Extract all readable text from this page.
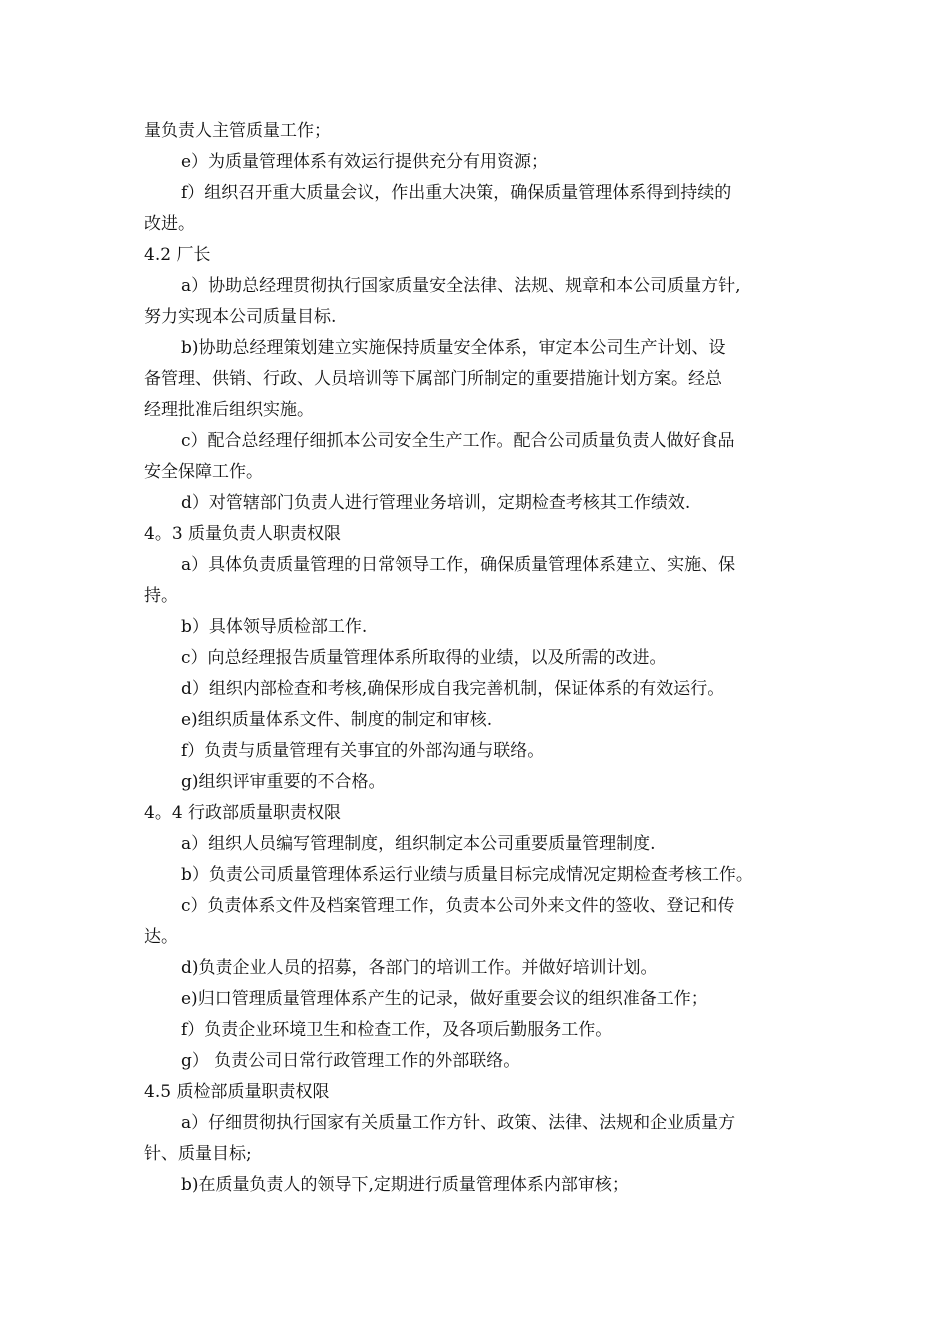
量负责人主管质量工作；
e）为质量管理体系有效运行提供充分有用资源；
f）组织召开重大质量会议，作出重大决策，确保质量管理体系得到持续的
改进。
4.2 厂长
a）协助总经理贯彻执行国家质量安全法律、法规、规章和本公司质量方针,
努力实现本公司质量目标.
b)协助总经理策划建立实施保持质量安全体系，审定本公司生产计划、设
备管理、供销、行政、人员培训等下属部门所制定的重要措施计划方案。经总
经理批准后组织实施。
c）配合总经理仔细抓本公司安全生产工作。配合公司质量负责人做好食品
安全保障工作。
d）对管辖部门负责人进行管理业务培训，定期检查考核其工作绩效.
4。3 质量负责人职责权限
a）具体负责质量管理的日常领导工作，确保质量管理体系建立、实施、保
持。
b）具体领导质检部工作.
c）向总经理报告质量管理体系所取得的业绩，以及所需的改进。
d）组织内部检查和考核,确保形成自我完善机制，保证体系的有效运行。
e)组织质量体系文件、制度的制定和审核.
f）负责与质量管理有关事宜的外部沟通与联络。
g)组织评审重要的不合格。
4。4 行政部质量职责权限
a）组织人员编写管理制度，组织制定本公司重要质量管理制度.
b）负责公司质量管理体系运行业绩与质量目标完成情况定期检查考核工作。
c）负责体系文件及档案管理工作，负责本公司外来文件的签收、登记和传
达。
d)负责企业人员的招募，各部门的培训工作。并做好培训计划。
e)归口管理质量管理体系产生的记录，做好重要会议的组织准备工作；
f）负责企业环境卫生和检查工作，及各项后勤服务工作。
g） 负责公司日常行政管理工作的外部联络。
4.5 质检部质量职责权限
a）仔细贯彻执行国家有关质量工作方针、政策、法律、法规和企业质量方
针、质量目标;
b)在质量负责人的领导下,定期进行质量管理体系内部审核；
